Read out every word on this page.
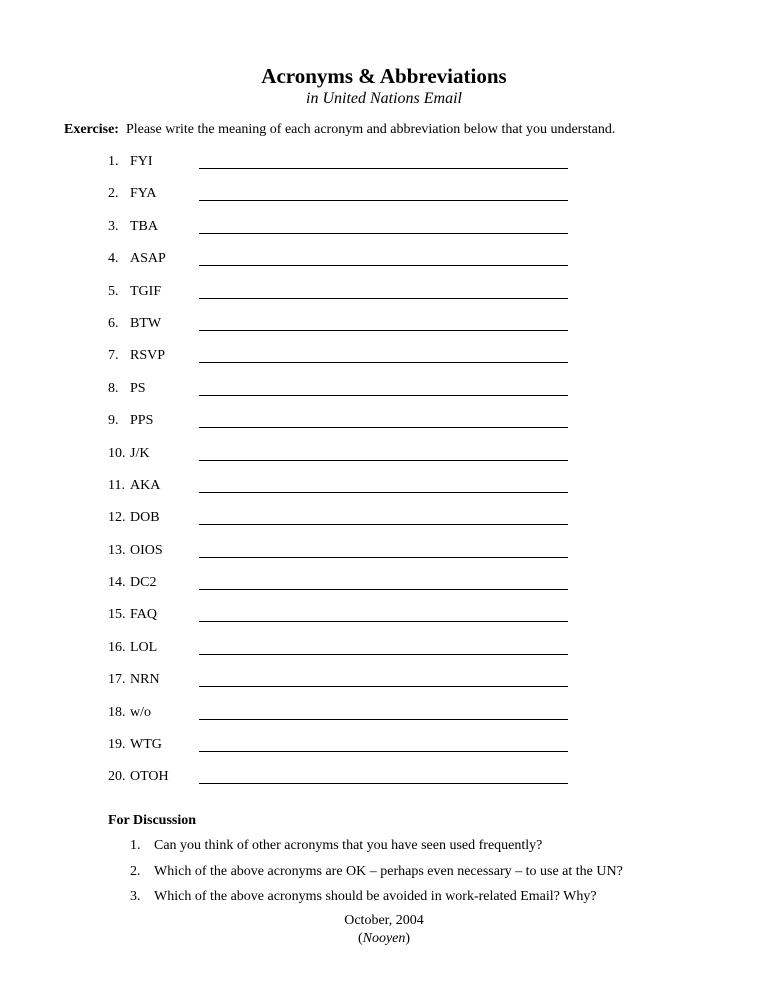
Acronyms & Abbreviations
in United Nations Email
Exercise: Please write the meaning of each acronym and abbreviation below that you understand.
1. FYI
2. FYA
3. TBA
4. ASAP
5. TGIF
6. BTW
7. RSVP
8. PS
9. PPS
10. J/K
11. AKA
12. DOB
13. OIOS
14. DC2
15. FAQ
16. LOL
17. NRN
18. w/o
19. WTG
20. OTOH
For Discussion
1. Can you think of other acronyms that you have seen used frequently?
2. Which of the above acronyms are OK – perhaps even necessary – to use at the UN?
3. Which of the above acronyms should be avoided in work-related Email? Why?
October, 2004
(Nooyen)
